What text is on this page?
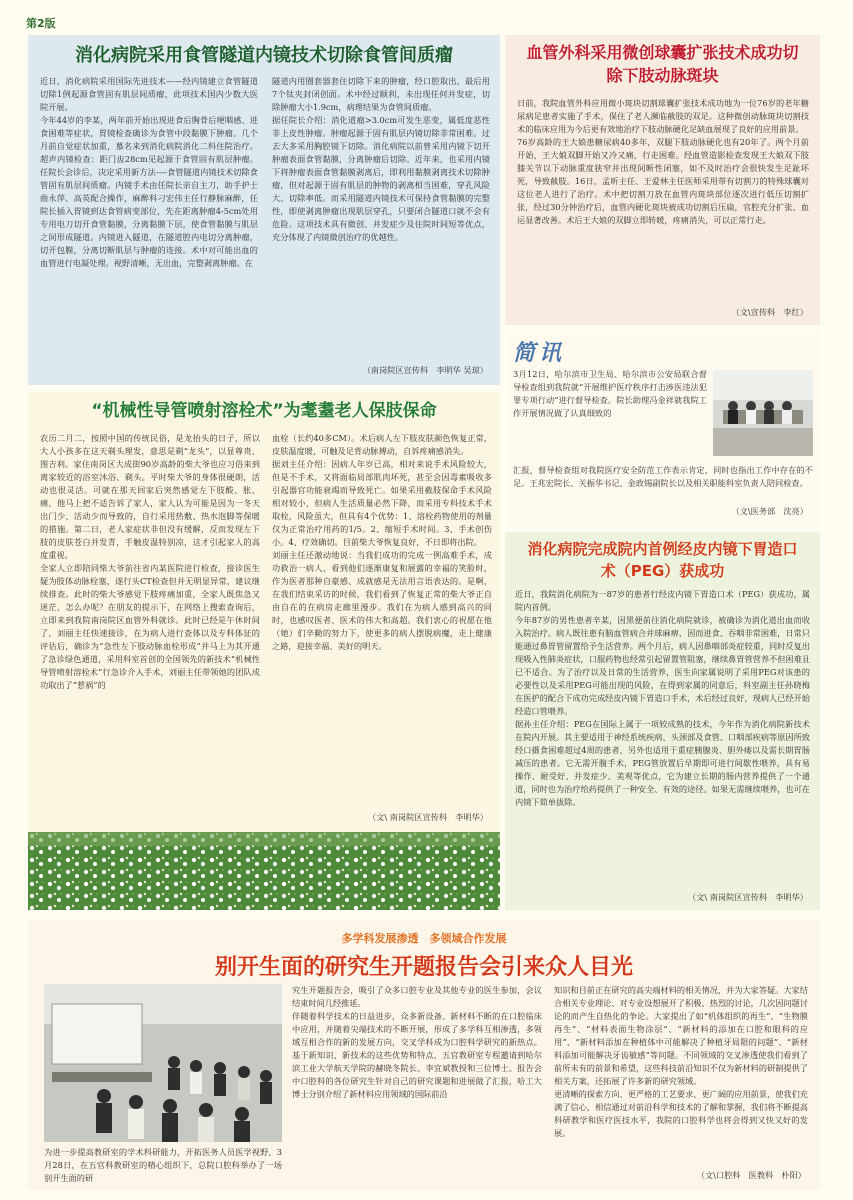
第2版
消化病院采用食管隧道内镜技术切除食管间质瘤
近日，消化病院采用国际先进技术——经内镜建立食管隧道切除1例起源食管固有肌层间质瘤，此项技术国内少数大医院开展。
今年44岁的李某，两年前开始出现进食后胸骨后哽咽感、进食困难等症状，胃镜检查确诊为食管中段黏膜下肿瘤。几个月前自觉症状加重，慕名来到消化病院消化二科住院治疗。超声内镜检查：距门齿28cm见起源于食管固有肌层肿瘤。任院长会诊后，决定采用新方法----食管隧道内镜技术切除食管固有肌层间质瘤。内镜手术由任院长亲自主刀，助手护士曲永萍、高英配合操作，麻醉科刁宏伟主任行静脉麻醉，任院长插入胃镜到达食管病变部位，先在距离肿瘤4-5cm处用专用电刀切开食管黏膜，分离黏膜下层，使食管黏膜与肌层之间形成隧道。内镜进入隧道，在隧道腔内电切分离肿瘤，切开包膜，分离切断肌层与肿瘤的连接。术中对可能出血的血管进行电凝处理。视野清晰，无出血，完整剥离肿瘤。在
隧道内用圈套器套住切除下来的肿瘤，经口腔取出，最后用7个钛夹封闭创面。术中经过顺利，未出现任何并发症，切除肿瘤大小1.9cm，病理结果为食管间质瘤。
据任院长介绍：消化道瘤>3.0cm可发生恶变，属低度恶性非上皮性肿瘤。肿瘤起源于固有肌层内镜切除非常困难。过去大多采用胸腔镜下切除。消化病院以前曾采用内镜下切开肿瘤表面食管黏膜，分离肿瘤后切除。近年来，也采用内镜下将肿瘤表面食管黏膜剥离后，即利用黏膜剥离技术切除肿瘤，但对起源于固有肌层的肿物的剥离相当困难，穿孔风险大、切除率低。而采用隧道内镜技术可保持食管黏膜的完整性，即使剥离肿瘤出现肌层穿孔，只要闭合隧道口就不会有危险。这项技术具有微创、并发症少及住院时间短等优点，充分体现了内镜微创治疗的优越性。
（南岗院区宣传科　李明华 吴琼）
血管外科采用微创球囊扩张技术成功切除下肢动脉斑块
日前，我院血管外科应用微小斑块切割球囊扩张技术成功地为一位76岁的老年糖尿病足患者实施了手术，保住了老人濒临截肢的双足。这种微创动脉斑块切割技术的临床应用为今后更有效地治疗下肢动脉硬化足缺血展现了良好的应用前景。
76岁高龄的王大娘患糖尿病40多年，双腿下肢动脉硬化也有20年了。两个月前开始，王大娘双脚开始又冷又痛，行走困难。经血管造影检查发现王大娘双下肢膝关节以下动脉重度狭窄并出现间断性闭塞，如不及时治疗会很快发生足趾坏死，导致截肢。16日，孟昕主任、王爱林主任医师采用带有切割刀的特殊球囊对这位老人进行了治疗。术中把切割刀放在血管内斑块部位逐次进行低压切割扩张，经过30分钟治疗后，血管内硬化斑块被成功切割后压扁，官腔充分扩张、血运显著改善。术后王大娘的双脚立即转暖，疼痛消失，可以正常行走。
（文\宣传科　李红）
简讯
3月12日，哈尔滨市卫生局、哈尔滨市公安局联合督导检查组到我院就“开展维护医疗秩序打击涉医违法犯罪专项行动”进行督导检查。院长助理冯金祥就我院工作开展情况做了认真细致的
汇报，督导检查组对我院医疗安全防范工作表示肯定，同时也指出工作中存在的不足。王兆宏院长、关振华书记、金政锡副院长以及相关职能科室负责人陪同检查。
（文\医务部　沈亮）
“机械性导管喷射溶栓术”为耄耋老人保肢保命
农历二月二，按照中国的传统民俗，是龙抬头的日子，所以大人小孩多在这天剃头理发，意思是剃“龙头”，以显尊贵、图吉利。家住南岗区大成街90岁高龄的柴大爷也应习俗来到离家较近的浴室沐浴、剃头。平时柴大爷的身体很硬朗，活动也很灵活。可就在那天回家后突然感觉左下肢酸、胀、痛，他马上把不适告诉了家人，家人认为可能是因为一冬天出门少、活动少而导致的，自行采用热敷、热水泡脚等保暖的措施。第二日，老人家症状非但没有缓解，反而发现左下肢的皮肤苍白并发青，手触皮温特别凉，这才引起家人的高度重视。
全家人立即陪同柴大爷前往省内某医院进行检查，接诊医生疑为肢体动脉栓塞，遂行头CT检查但并无明显异常，建议继续排查。此时的柴大爷感觉下肢疼痛加重，全家人既焦急又迷茫，怎么办呢？在朋友的提示下，在网络上搜索查询后，立即来到我院南岗院区血管外科就诊。此时已经是午休时间了，刘丽主任快速接诊，在为病人进行查体以及专科体征的评估后，确诊为“急性左下肢动脉血栓形成”并马上为其开通了急诊绿色通道，采用科室首创的全国领先的新技术“机械性导管喷射溶栓术”行急诊介入手术，刘丽主任带领她的团队成功取出了“惹祸”的
血栓（长约40多CM）。术后病人左下肢皮肤颜色恢复正常，皮肤温度暖，可触及足背动脉搏动，自诉疼痛感消失。
据刘主任介绍：因病人年岁已高，相对来说手术风险较大，但是不手术，又将面临局部肌肉坏死，甚至会因毒素吸收多引起器官功能衰竭而导致死亡。如果采用截肢保命手术风险相对较小，但病人生活质量必然下降，而采用专科技术手术取栓，风险虽大，但具有4个优势：1、溶栓药物使用的剂量仅为正常治疗用药的1/5。2、缩短手术时间。3、手术创伤小。4、疗效确切。目前柴大爷恢复良好，不日即将出院。
刘丽主任还激动地说：当我们成功的完成一例高难手术，成功救治一病人，看到他们逐渐康复和展露的幸福的笑脸时，作为医者那种自豪感、成就感是无法用言语表达的。是啊，在我们结束采访的时候，我们看到了恢复正常的柴大爷正自由自在的在病房走廊里漫步。我们在为病人感到高兴的同时，也感叹医者、医术的伟大和高超。我们衷心的祝愿在他（她）们辛勤的努力下，使更多的病人摆脱病魔，走上健康之路，迎接幸福、美好的明天。
（文\ 南岗院区宣传科　李明华）
消化病院完成院内首例经皮内镜下胃造口术（PEG）获成功
近日，我院消化病院为一87岁的患者行经皮内镜下胃造口术（PEG）获成功，属院内首例。
今年87岁的男性患者辛某，因黑便前往消化病院就诊，被确诊为消化道出血而收入院治疗。病人既往患有脑血管病合并球麻痹，因而进食、吞咽非常困难，日常只能通过鼻胃管留置给予生活营养。两个月后，病人因鼻咽部炎症较重，同时反复出现吸入性肺炎症状，口服药物也经常引起留置管阻塞，继续鼻胃管营养不但困难且已不适合。为了治疗以及日常的生活营养，医生向家属说明了采用PEG对该患的必要性以及采用PEG可能出现的风险，在得到家属的同意后，科室副主任孙晓梅在医护的配合下成功完成经皮内镜下胃造口手术，术后经过良好，现病人已经开始经造口管喂养。
据孙主任介绍：PEG在国际上属于一项较成熟的技术，今年作为消化病院新技术在院内开展。其主要适用于神经系统疾病、头颈部及食管、口咽部疾病等原因所致经口摄食困难超过4周的患者，另外也适用于重症胰腺炎、胆外瘘以及需长期胃肠减压的患者。它无需开腹手术，PEG管放置后早期即可进行间歇性喂养，具有易操作、耐受好、并发症少、美观等优点，它为建立长期的肠内营养提供了一个通道，同时也为治疗给药提供了一种安全、有效的途径。如果无需继续喂养，也可在内镜下简单拔除。
（文\ 南岗院区宣传科　李明华）
多学科发展渗透　多领域合作发展
别开生面的研究生开题报告会引来众人目光
为进一步提高教研室的学术科研能力，开拓医务人员医学视野，3月28日，在五官科教研室的精心组织下，总院口腔科举办了一场别开生面的研
究生开题报告会，吸引了众多口腔专业及其他专业的医生参加，会议结束时间几经推延。
伴随着科学技术的日益进步，众多新设备、新材料不断的在口腔临床中应用，并随着尖端技术的不断开展，形成了多学科互相渗透，多领域互相合作的新的发展方向，交叉学科成为口腔科学研究的新热点。基于新知识、新技术的这些优势和特点，五官教研室专程邀请到哈尔滨工业大学航天学院的赫晓冬院长、李宜斌教授和三位博士。报告会中口腔科的各位研究生针对自己的研究课题和进展做了汇报，哈工大博士分别介绍了新材料应用领域的国际前沿
知识和目前正在研究的高尖端材料的相关情况，并为大家答疑。大家结合相关专业理论、对专业设想展开了积极、热烈的讨论，几次因问题讨论的而产生自热化的争论。大家提出了如“机体组织的再生”、“生物膜再生”、“材料表面生物涂层”、“新材料的添加在口腔和眼科的应用”、“新材料添加在种植体中可能解决了种植牙局限的问题”、“新材料添加可能解决牙齿敏感”等问题。不同领域的交叉渗透使我们看到了前所未有的前景和希望，这些科技前沿知识不仅为新材料的研制提供了相关方案，还拓展了许多新的研究领域。
更清晰的探索方向、更严格的工艺要求、更广阔的应用前景，使我们充满了信心，相信通过对前沿科学和技术的了解和掌握，我们将不断提高科研教学和医疗医技水平，我院的口腔科学也将会得到又快又好的发展。
（文\口腔科　医教科　朴阳）
